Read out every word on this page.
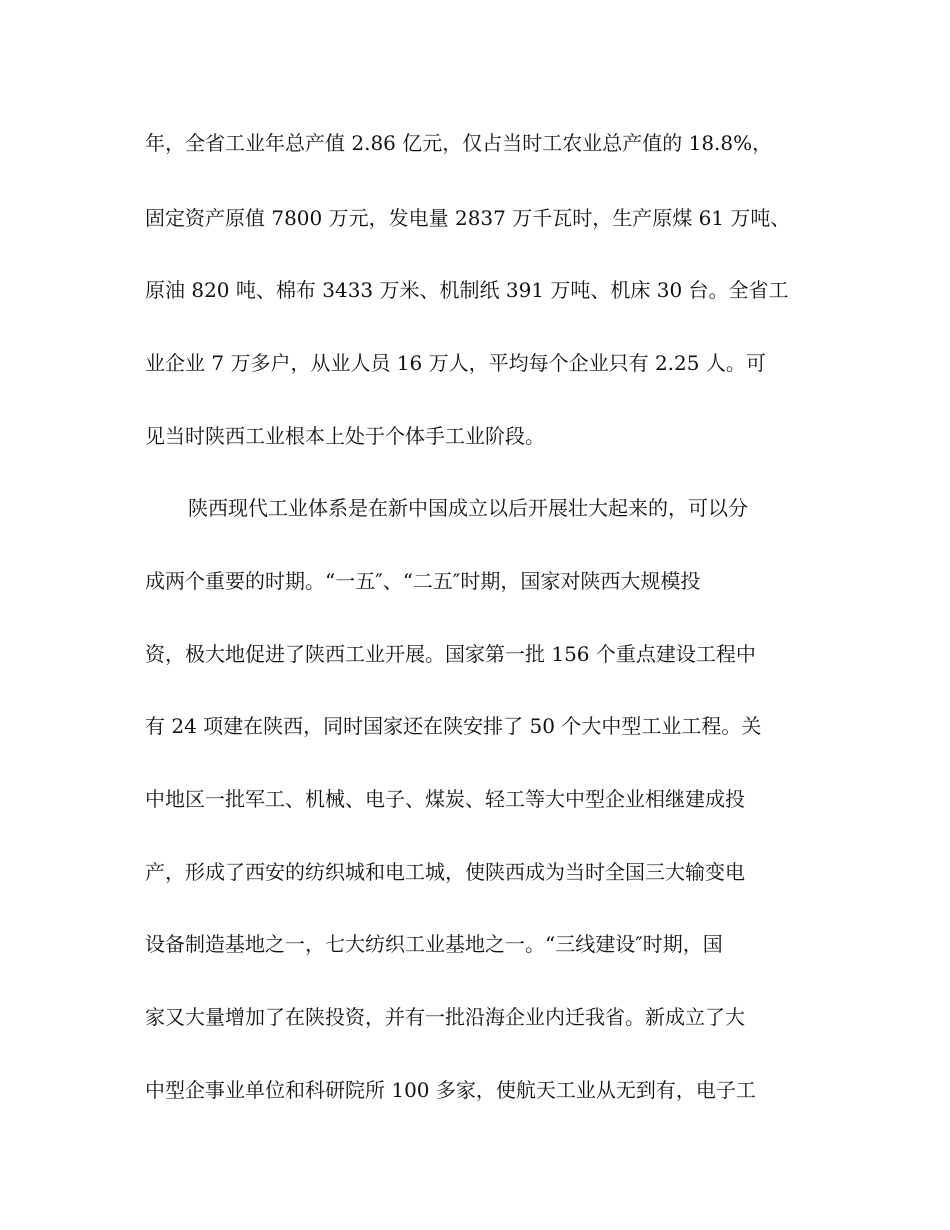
年，全省工业年总产值 2.86 亿元，仅占当时工农业总产值的 18.8%，
固定资产原值 7800 万元，发电量 2837 万千瓦时，生产原煤 61 万吨、
原油 820 吨、棉布 3433 万米、机制纸 391 万吨、机床 30 台。全省工
业企业 7 万多户，从业人员 16 万人，平均每个企业只有 2.25 人。可
见当时陕西工业根本上处于个体手工业阶段。
陕西现代工业体系是在新中国成立以后开展壮大起来的，可以分
成两个重要的时期。“一五″、“二五″时期，国家对陕西大规模投
资，极大地促进了陕西工业开展。国家第一批 156 个重点建设工程中
有 24 项建在陕西，同时国家还在陕安排了 50 个大中型工业工程。关
中地区一批军工、机械、电子、煤炭、轻工等大中型企业相继建成投
产，形成了西安的纺织城和电工城，使陕西成为当时全国三大输变电
设备制造基地之一，七大纺织工业基地之一。“三线建设″时期，国
家又大量增加了在陕投资，并有一批沿海企业内迁我省。新成立了大
中型企事业单位和科研院所 100 多家，使航天工业从无到有，电子工
